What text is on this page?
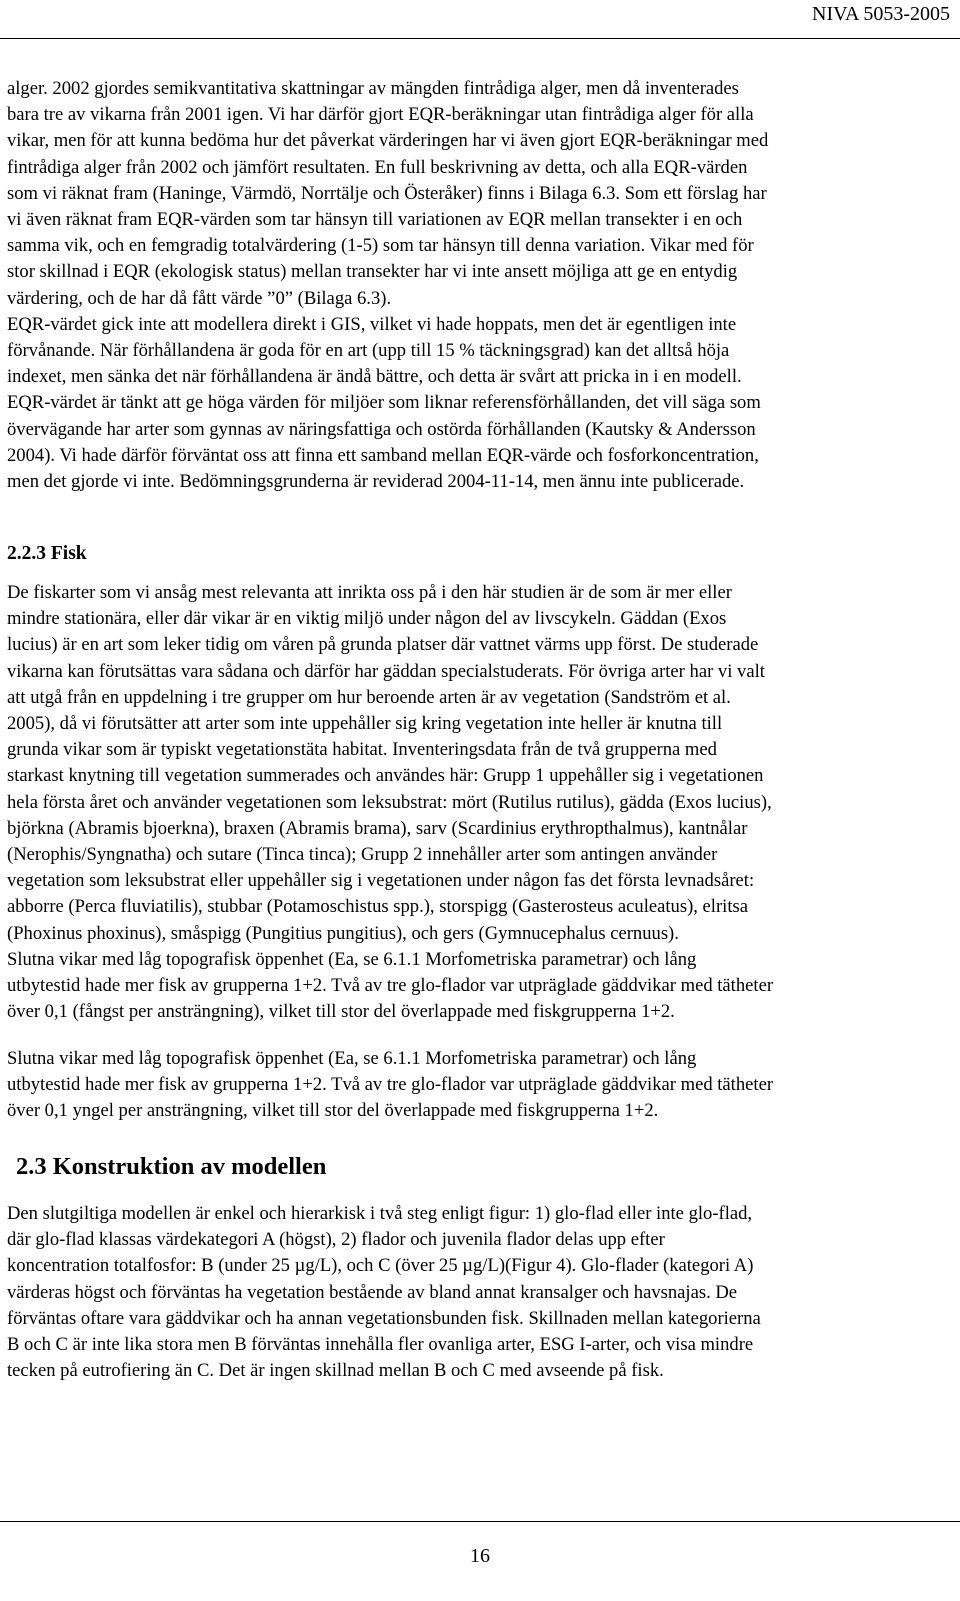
NIVA 5053-2005
alger. 2002 gjordes semikvantitativa skattningar av mängden fintrådiga alger, men då inventerades
bara tre av vikarna från 2001 igen. Vi har därför gjort EQR-beräkningar utan fintrådiga alger för alla
vikar, men för att kunna bedöma hur det påverkat värderingen har vi även gjort EQR-beräkningar med
fintrådiga alger från 2002 och jämfört resultaten. En full beskrivning av detta, och alla EQR-värden
som vi räknat fram (Haninge, Värmdö, Norrtälje och Österåker) finns i Bilaga 6.3. Som ett förslag har
vi även räknat fram EQR-värden som tar hänsyn till variationen av EQR mellan transekter i en och
samma vik, och en femgradig totalvärdering (1-5) som tar hänsyn till denna variation. Vikar med för
stor skillnad i EQR (ekologisk status) mellan transekter har vi inte ansett möjliga att ge en entydig
värdering, och de har då fått värde ”0” (Bilaga 6.3).
EQR-värdet gick inte att modellera direkt i GIS, vilket vi hade hoppats, men det är egentligen inte
förvånande. När förhållandena är goda för en art (upp till 15 % täckningsgrad) kan det alltså höja
indexet, men sänka det när förhållandena är ändå bättre, och detta är svårt att pricka in i en modell.
EQR-värdet är tänkt att ge höga värden för miljöer som liknar referensförhållanden, det vill säga som
övervägande har arter som gynnas av näringsfattiga och ostörda förhållanden (Kautsky & Andersson
2004). Vi hade därför förväntat oss att finna ett samband mellan EQR-värde och fosforkoncentration,
men det gjorde vi inte. Bedömningsgrunderna är reviderad 2004-11-14, men ännu inte publicerade.
2.2.3 Fisk
De fiskarter som vi ansåg mest relevanta att inrikta oss på i den här studien är de som är mer eller
mindre stationära, eller där vikar är en viktig miljö under någon del av livscykeln. Gäddan (Exos
lucius) är en art som leker tidig om våren på grunda platser där vattnet värms upp först. De studerade
vikarna kan förutsättas vara sådana och därför har gäddan specialstuderats. För övriga arter har vi valt
att utgå från en uppdelning i tre grupper om hur beroende arten är av vegetation (Sandström et al.
2005), då vi förutsätter att arter som inte uppehåller sig kring vegetation inte heller är knutna till
grunda vikar som är typiskt vegetationstäta habitat. Inventeringsdata från de två grupperna med
starkast knytning till vegetation summerades och användes här: Grupp 1 uppehåller sig i vegetationen
hela första året och använder vegetationen som leksubstrat: mört (Rutilus rutilus), gädda (Exos lucius),
björkna (Abramis bjoerkna), braxen (Abramis brama), sarv (Scardinius erythropthalmus), kantnålar
(Nerophis/Syngnatha) och sutare (Tinca tinca); Grupp 2 innehåller arter som antingen använder
vegetation som leksubstrat eller uppehåller sig i vegetationen under någon fas det första levnadsåret:
abborre (Perca fluviatilis), stubbar (Potamoschistus spp.), storspigg (Gasterosteus aculeatus), elritsa
(Phoxinus phoxinus), småspigg (Pungitius pungitius), och gers (Gymnucephalus cernuus).
Slutna vikar med låg topografisk öppenhet (Ea, se 6.1.1 Morfometriska parametrar) och lång
utbytestid hade mer fisk av grupperna 1+2. Två av tre glo-flador var utpräglade gäddvikar med tätheter
över 0,1 (fångst per ansträngning), vilket till stor del överlappade med fiskgrupperna 1+2.
Slutna vikar med låg topografisk öppenhet (Ea, se 6.1.1 Morfometriska parametrar) och lång
utbytestid hade mer fisk av grupperna 1+2. Två av tre glo-flador var utpräglade gäddvikar med tätheter
över 0,1 yngel per ansträngning, vilket till stor del överlappade med fiskgrupperna 1+2.
2.3 Konstruktion av modellen
Den slutgiltiga modellen är enkel och hierarkisk i två steg enligt figur: 1) glo-flad eller inte glo-flad,
där glo-flad klassas värdekategori A (högst), 2) flador och juvenila flador delas upp efter
koncentration totalfosfor: B (under 25 µg/L), och C (över 25 µg/L)(Figur 4). Glo-flader (kategori A)
värderas högst och förväntas ha vegetation bestående av bland annat kransalger och havsnajas. De
förväntas oftare vara gäddvikar och ha annan vegetationsbunden fisk. Skillnaden mellan kategorierna
B och C är inte lika stora men B förväntas innehålla fler ovanliga arter, ESG I-arter, och visa mindre
tecken på eutrofiering än C. Det är ingen skillnad mellan B och C med avseende på fisk.
16
